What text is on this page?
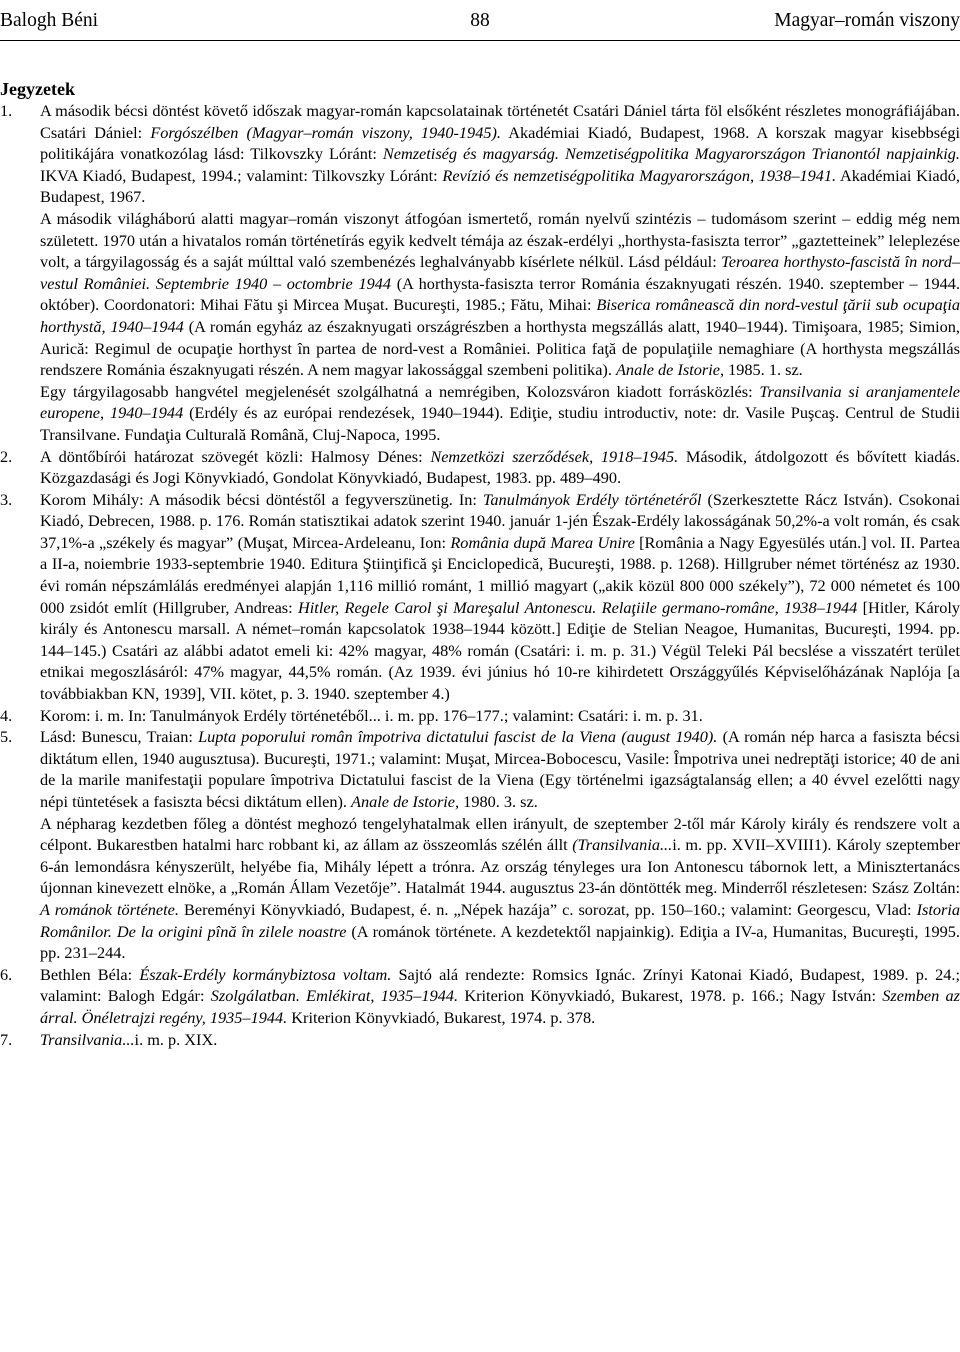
Balogh Béni	88	Magyar–román viszony
Jegyzetek
1.	A második bécsi döntést követő időszak magyar-román kapcsolatainak történetét Csatári Dániel tárta föl elsőként részletes monográfiájában. Csatári Dániel: Forgószélben (Magyar–román viszony, 1940-1945). Akadémiai Kiadó, Budapest, 1968. A korszak magyar kisebbségi politikájára vonatkozólag lásd: Tilkovszky Lóránt: Nemzetiség és magyarság. Nemzetiségpolitika Magyarországon Trianontól napjainkig. IKVA Kiadó, Budapest, 1994.; valamint: Tilkovszky Lóránt: Revízió és nemzetiségpolitika Magyarországon, 1938–1941. Akadémiai Kiadó, Budapest, 1967.
A második világháború alatti magyar–román viszonyt átfogóan ismertető, román nyelvű szintézis – tudomásom szerint – eddig még nem született. 1970 után a hivatalos román történetírás egyik kedvelt témája az észak-erdélyi „horthysta-fasiszta terror” „gaztetteinek” leleplezése volt, a tárgyilagosság és a saját múlttal való szembenézés leghalványabb kísérlete nélkül. Lásd például: Teroarea horthysto-fascistă în nord–vestul României. Septembrie 1940 – octombrie 1944 (A horthysta-fasiszta terror Románia északnyugati részén. 1940. szeptember – 1944. október). Coordonatori: Mihai Fătu şi Mircea Muşat. Bucureşti, 1985.; Fătu, Mihai: Biserica românească din nord-vestul ţării sub ocupaţia horthystă, 1940–1944 (A román egyház az északnyugati országrészben a horthysta megszállás alatt, 1940–1944). Timişoara, 1985; Simion, Aurică: Regimul de ocupaţie horthyst în partea de nord-vest a României. Politica faţă de populaţiile nemaghiare (A horthysta megszállás rendszere Románia északnyugati részén. A nem magyar lakossággal szembeni politika). Anale de Istorie, 1985. 1. sz.
Egy tárgyilagosabb hangvétel megjelenését szolgálhatná a nemrégiben, Kolozsváron kiadott forrásközlés: Transilvania si aranjamentele europene, 1940–1944 (Erdély és az európai rendezések, 1940–1944). Ediţie, studiu introductiv, note: dr. Vasile Puşcaş. Centrul de Studii Transilvane. Fundaţia Culturală Română, Cluj-Napoca, 1995.
2.	A döntőbírói határozat szövegét közli: Halmosy Dénes: Nemzetközi szerződések, 1918–1945. Második, átdolgozott és bővített kiadás. Közgazdasági és Jogi Könyvkiadó, Gondolat Könyvkiadó, Budapest, 1983. pp. 489–490.
3.	Korom Mihály: A második bécsi döntéstől a fegyverszünetig. In: Tanulmányok Erdély történetéről (Szerkesztette Rácz István). Csokonai Kiadó, Debrecen, 1988. p. 176. Román statisztikai adatok szerint 1940. január 1-jén Észak-Erdély lakosságának 50,2%-a volt román, és csak 37,1%-a „székely és magyar” (Muşat, Mircea-Ardeleanu, Ion: România după Marea Unire [România a Nagy Egyesülés után.] vol. II. Partea a II-a, noiembrie 1933-septembrie 1940. Editura Ştiinţifică şi Enciclopedică, Bucureşti, 1988. p. 1268). Hillgruber német történész az 1930. évi román népszámlálás eredményei alapján 1,116 millió románt, 1 millió magyart („akik közül 800 000 székely”), 72 000 németet és 100 000 zsidót említ (Hillgruber, Andreas: Hitler, Regele Carol şi Mareşalul Antonescu. Relaţiile germano-române, 1938–1944 [Hitler, Károly király és Antonescu marsall. A német–román kapcsolatok 1938–1944 között.] Ediţie de Stelian Neagoe, Humanitas, Bucureşti, 1994. pp. 144–145.) Csatári az alábbi adatot emeli ki: 42% magyar, 48% román (Csatári: i. m. p. 31.) Végül Teleki Pál becslése a visszatért terület etnikai megoszlásáról: 47% magyar, 44,5% román. (Az 1939. évi június hó 10-re kihirdetett Országgyűlés Képviselőházának Naplója [a továbbiakban KN, 1939], VII. kötet, p. 3. 1940. szeptember 4.)
4.	Korom: i. m. In: Tanulmányok Erdély történetéből... i. m. pp. 176–177.; valamint: Csatári: i. m. p. 31.
5.	Lásd: Bunescu, Traian: Lupta poporului român împotriva dictatului fascist de la Viena (august 1940). (A román nép harca a fasiszta bécsi diktátum ellen, 1940 augusztusa). Bucureşti, 1971.; valamint: Muşat, Mircea-Bobocescu, Vasile: Împotriva unei nedreptăţi istorice; 40 de ani de la marile manifestaţii populare împotriva Dictatului fascist de la Viena (Egy történelmi igazságtalanság ellen; a 40 évvel ezelőtti nagy népi tüntetések a fasiszta bécsi diktátum ellen). Anale de Istorie, 1980. 3. sz.
A népharag kezdetben főleg a döntést meghozó tengelyhatalmak ellen irányult, de szeptember 2-től már Károly király és rendszere volt a célpont. Bukarestben hatalmi harc robbant ki, az állam az összeomlás szélén állt (Transilvania...i. m. pp. XVII–XVIII1). Károly szeptember 6-án lemondásra kényszerült, helyébe fia, Mihály lépett a trónra. Az ország tényleges ura Ion Antonescu tábornok lett, a Minisztertanács újonnan kinevezett elnöke, a „Román Állam Vezetője”. Hatalmát 1944. augusztus 23-án döntötték meg. Minderről részletesen: Szász Zoltán: A románok története. Bereményi Könyvkiadó, Budapest, é. n. „Népek hazája” c. sorozat, pp. 150–160.; valamint: Georgescu, Vlad: Istoria Românilor. De la origini pînă în zilele noastre (A románok története. A kezdetektől napjainkig). Ediţia a IV-a, Humanitas, Bucureşti, 1995. pp. 231–244.
6.	Bethlen Béla: Észak-Erdély kormánybiztosa voltam. Sajtó alá rendezte: Romsics Ignác. Zrínyi Katonai Kiadó, Budapest, 1989. p. 24.; valamint: Balogh Edgár: Szolgálatban. Emlékirat, 1935–1944. Kriterion Könyvkiadó, Bukarest, 1978. p. 166.; Nagy István: Szemben az árral. Önéletrajzi regény, 1935–1944. Kriterion Könyvkiadó, Bukarest, 1974. p. 378.
7.	Transilvania...i. m. p. XIX.
